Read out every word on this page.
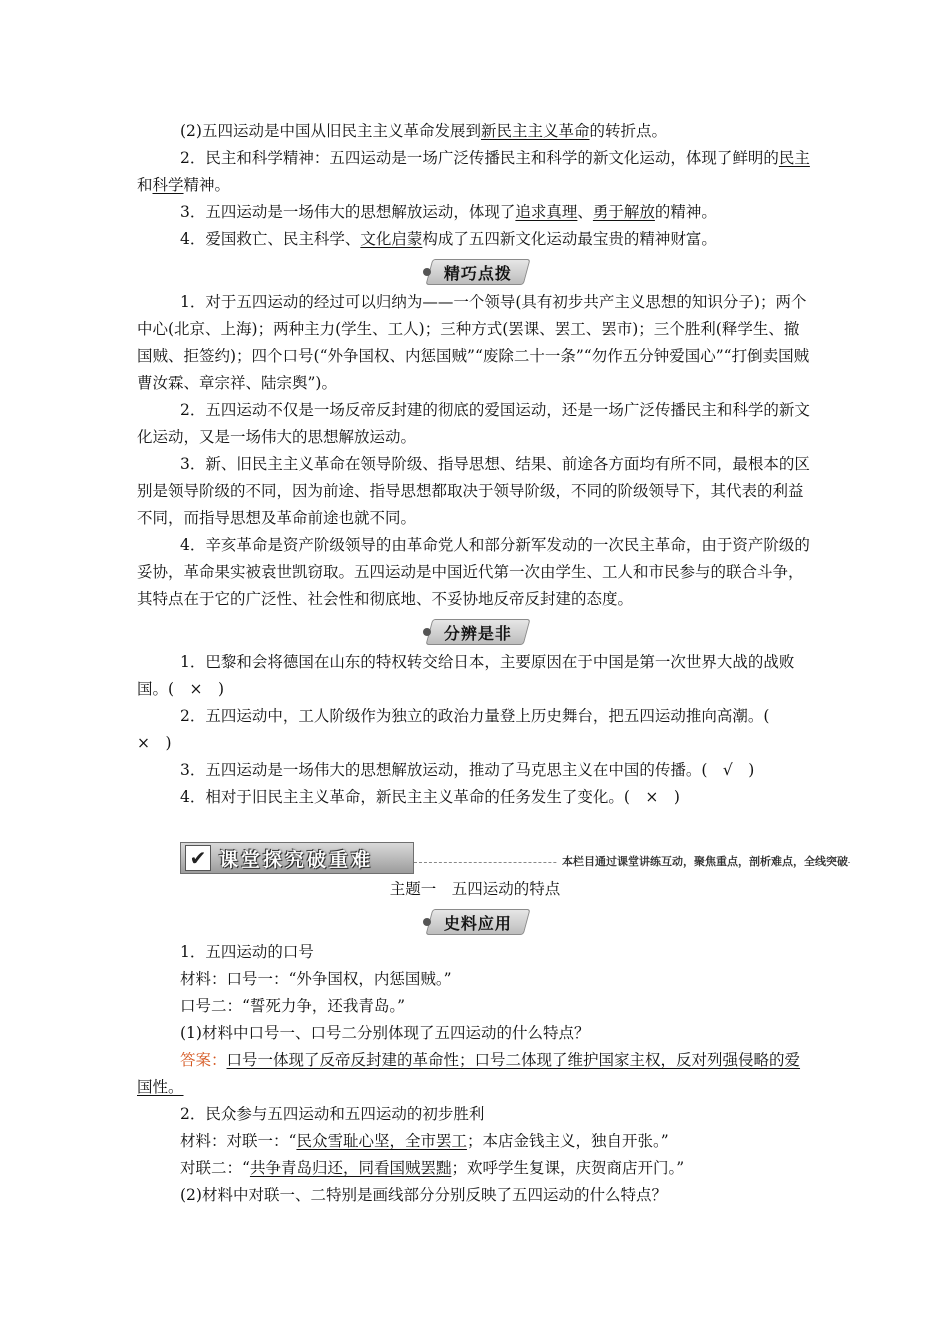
(2)五四运动是中国从旧民主主义革命发展到新民主主义革命的转折点。

2．民主和科学精神：五四运动是一场广泛传播民主和科学的新文化运动，体现了鲜明的民主和科学精神。

3．五四运动是一场伟大的思想解放运动，体现了追求真理、勇于解放的精神。

4．爱国救亡、民主科学、文化启蒙构成了五四新文化运动最宝贵的精神财富。

精巧点拨

1．对于五四运动的经过可以归纳为——一个领导(具有初步共产主义思想的知识分子)；两个中心(北京、上海)；两种主力(学生、工人)；三种方式(罢课、罢工、罢市)；三个胜利(释学生、撤国贼、拒签约)；四个口号(“外争国权、内惩国贼”“废除二十一条”“勿作五分钟爱国心”“打倒卖国贼曹汝霖、章宗祥、陆宗舆”)。

2．五四运动不仅是一场反帝反封建的彻底的爱国运动，还是一场广泛传播民主和科学的新文化运动，又是一场伟大的思想解放运动。

3．新、旧民主主义革命在领导阶级、指导思想、结果、前途各方面均有所不同，最根本的区别是领导阶级的不同，因为前途、指导思想都取决于领导阶级，不同的阶级领导下，其代表的利益不同，而指导思想及革命前途也就不同。

4．辛亥革命是资产阶级领导的由革命党人和部分新军发动的一次民主革命，由于资产阶级的妥协，革命果实被袁世凯窃取。五四运动是中国近代第一次由学生、工人和市民参与的联合斗争，其特点在于它的广泛性、社会性和彻底地、不妥协地反帝反封建的态度。

分辨是非

1．巴黎和会将德国在山东的特权转交给日本，主要原因在于中国是第一次世界大战的战败国。(　×　)

2．五四运动中，工人阶级作为独立的政治力量登上历史舞台，把五四运动推向高潮。(　×　)

3．五四运动是一场伟大的思想解放运动，推动了马克思主义在中国的传播。(　√　)

4．相对于旧民主主义革命，新民主主义革命的任务发生了变化。(　×　)

✔ 课堂探究破重难	本栏目通过课堂讲练互动，聚焦重点，剖析难点，全线突破

主题一　五四运动的特点

史料应用

1．五四运动的口号

材料：口号一：“外争国权，内惩国贼。”

口号二：“誓死力争，还我青岛。”

(1)材料中口号一、口号二分别体现了五四运动的什么特点？

答案：口号一体现了反帝反封建的革命性；口号二体现了维护国家主权，反对列强侵略的爱国性。

2．民众参与五四运动和五四运动的初步胜利

材料：对联一：“民众雪耻心坚，全市罢工；本店金钱主义，独自开张。”

对联二：“共争青岛归还，同看国贼罢黜；欢呼学生复课，庆贺商店开门。”

(2)材料中对联一、二特别是画线部分分别反映了五四运动的什么特点？
